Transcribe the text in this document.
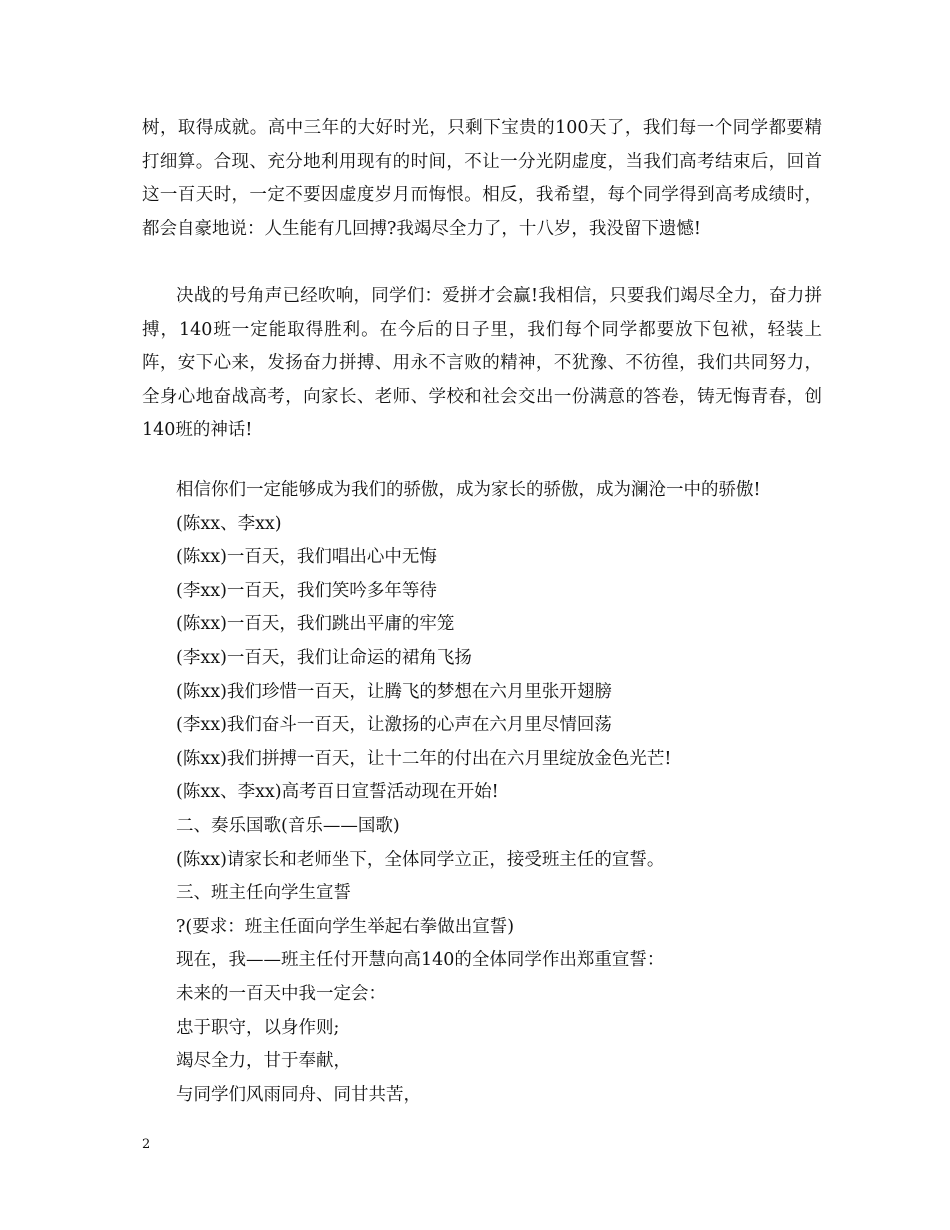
树，取得成就。高中三年的大好时光，只剩下宝贵的100天了，我们每一个同学都要精打细算。合现、充分地利用现有的时间，不让一分光阴虚度，当我们高考结束后，回首这一百天时，一定不要因虚度岁月而悔恨。相反，我希望，每个同学得到高考成绩时，都会自豪地说：人生能有几回搏?我竭尽全力了，十八岁，我没留下遗憾!
决战的号角声已经吹响，同学们：爱拼才会赢!我相信，只要我们竭尽全力，奋力拼搏，140班一定能取得胜利。在今后的日子里，我们每个同学都要放下包袱，轻装上阵，安下心来，发扬奋力拼搏、用永不言败的精神，不犹豫、不彷徨，我们共同努力，全身心地奋战高考，向家长、老师、学校和社会交出一份满意的答卷，铸无悔青春，创140班的神话!
相信你们一定能够成为我们的骄傲，成为家长的骄傲，成为澜沧一中的骄傲!
(陈xx、李xx)
(陈xx)一百天，我们唱出心中无悔
(李xx)一百天，我们笑吟多年等待
(陈xx)一百天，我们跳出平庸的牢笼
(李xx)一百天，我们让命运的裙角飞扬
(陈xx)我们珍惜一百天，让腾飞的梦想在六月里张开翅膀
(李xx)我们奋斗一百天，让激扬的心声在六月里尽情回荡
(陈xx)我们拼搏一百天，让十二年的付出在六月里绽放金色光芒!
(陈xx、李xx)高考百日宣誓活动现在开始!
二、奏乐国歌(音乐——国歌)
(陈xx)请家长和老师坐下，全体同学立正，接受班主任的宣誓。
三、班主任向学生宣誓
?(要求：班主任面向学生举起右拳做出宣誓)
现在，我——班主任付开慧向高140的全体同学作出郑重宣誓：
未来的一百天中我一定会：
忠于职守，以身作则;
竭尽全力，甘于奉献，
与同学们风雨同舟、同甘共苦，
2
